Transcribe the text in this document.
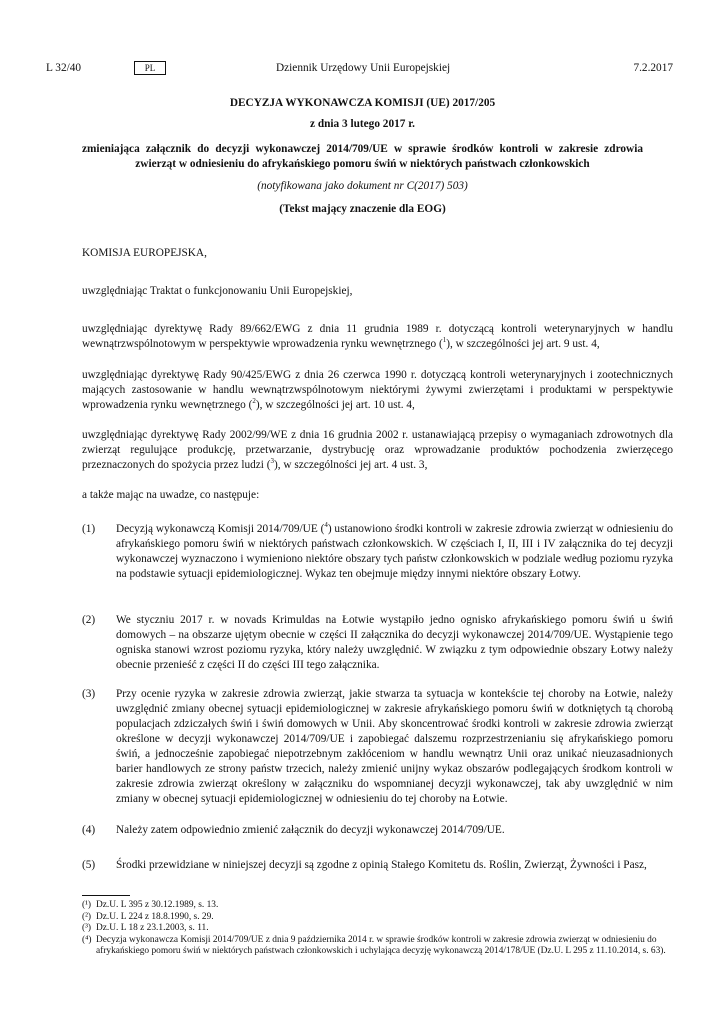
L 32/40	PL	Dziennik Urzędowy Unii Europejskiej	7.2.2017

DECYZJA WYKONAWCZA KOMISJI (UE) 2017/205

z dnia 3 lutego 2017 r.

zmieniająca załącznik do decyzji wykonawczej 2014/709/UE w sprawie środków kontroli w zakresie zdrowia zwierząt w odniesieniu do afrykańskiego pomoru świń w niektórych państwach członkowskich

(notyfikowana jako dokument nr C(2017) 503)

(Tekst mający znaczenie dla EOG)

KOMISJA EUROPEJSKA,
uwzględniając Traktat o funkcjonowaniu Unii Europejskiej,
uwzględniając dyrektywę Rady 89/662/EWG z dnia 11 grudnia 1989 r. dotyczącą kontroli weterynaryjnych w handlu wewnątrzwspólnotowym w perspektywie wprowadzenia rynku wewnętrznego ($^1$), w szczególności jej art. 9 ust. 4,
uwzględniając dyrektywę Rady 90/425/EWG z dnia 26 czerwca 1990 r. dotyczącą kontroli weterynaryjnych i zootechnicznych mających zastosowanie w handlu wewnątrzwspólnotowym niektórymi żywymi zwierzętami i produktami w perspektywie wprowadzenia rynku wewnętrznego ($^2$), w szczególności jej art. 10 ust. 4,
uwzględniając dyrektywę Rady 2002/99/WE z dnia 16 grudnia 2002 r. ustanawiającą przepisy o wymaganiach zdrowotnych dla zwierząt regulujące produkcję, przetwarzanie, dystrybucję oraz wprowadzanie produktów pochodzenia zwierzęcego przeznaczonych do spożycia przez ludzi ($^3$), w szczególności jej art. 4 ust. 3,
a także mając na uwadze, co następuje:
(1)	Decyzją wykonawczą Komisji 2014/709/UE ($^4$) ustanowiono środki kontroli w zakresie zdrowia zwierząt w odniesieniu do afrykańskiego pomoru świń w niektórych państwach członkowskich. W częściach I, II, III i IV załącznika do tej decyzji wykonawczej wyznaczono i wymieniono niektóre obszary tych państw członkowskich w podziale według poziomu ryzyka na podstawie sytuacji epidemiologicznej. Wykaz ten obejmuje między innymi niektóre obszary Łotwy.
(2)	We styczniu 2017 r. w novads Krimuldas na Łotwie wystąpiło jedno ognisko afrykańskiego pomoru świń u świń domowych – na obszarze ujętym obecnie w części II załącznika do decyzji wykonawczej 2014/709/UE. Wystąpienie tego ogniska stanowi wzrost poziomu ryzyka, który należy uwzględnić. W związku z tym odpowiednie obszary Łotwy należy obecnie przenieść z części II do części III tego załącznika.
(3)	Przy ocenie ryzyka w zakresie zdrowia zwierząt, jakie stwarza ta sytuacja w kontekście tej choroby na Łotwie, należy uwzględnić zmiany obecnej sytuacji epidemiologicznej w zakresie afrykańskiego pomoru świń w dotkniętych tą chorobą populacjach zdziczałych świń i świń domowych w Unii. Aby skoncentrować środki kontroli w zakresie zdrowia zwierząt określone w decyzji wykonawczej 2014/709/UE i zapobiegać dalszemu rozprzestrzenianiu się afrykańskiego pomoru świń, a jednocześnie zapobiegać niepotrzebnym zakłóceniom w handlu wewnątrz Unii oraz unikać nieuzasadnionych barier handlowych ze strony państw trzecich, należy zmienić unijny wykaz obszarów podlegających środkom kontroli w zakresie zdrowia zwierząt określony w załączniku do wspomnianej decyzji wykonawczej, tak aby uwzględnić w nim zmiany w obecnej sytuacji epidemiologicznej w odniesieniu do tej choroby na Łotwie.
(4)	Należy zatem odpowiednio zmienić załącznik do decyzji wykonawczej 2014/709/UE.
(5)	Środki przewidziane w niniejszej decyzji są zgodne z opinią Stałego Komitetu ds. Roślin, Zwierząt, Żywności i Pasz,
(¹) Dz.U. L 395 z 30.12.1989, s. 13.
(²) Dz.U. L 224 z 18.8.1990, s. 29.
(³) Dz.U. L 18 z 23.1.2003, s. 11.
(⁴) Decyzja wykonawcza Komisji 2014/709/UE z dnia 9 października 2014 r. w sprawie środków kontroli w zakresie zdrowia zwierząt w odniesieniu do afrykańskiego pomoru świń w niektórych państwach członkowskich i uchylająca decyzję wykonawczą 2014/178/UE (Dz.U. L 295 z 11.10.2014, s. 63).
